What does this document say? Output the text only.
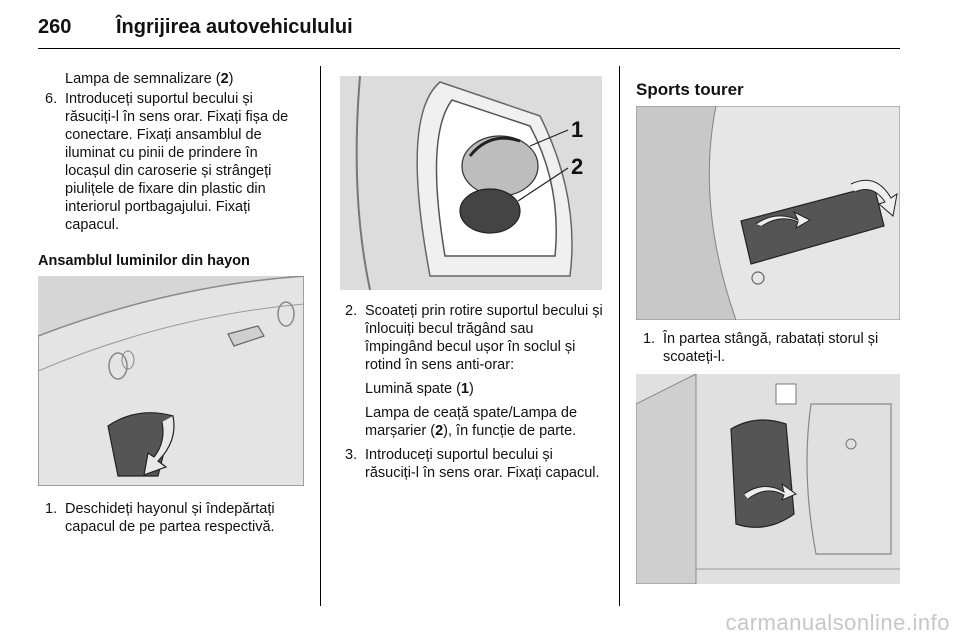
260 Îngrijirea autovehiculului

Lampa de semnalizare (2)

6. Introduceți suportul becului și răsuciți-l în sens orar. Fixați fișa de conectare. Fixați ansamblul de iluminat cu pinii de prindere în locașul din caroserie și strângeți piulițele de fixare din plastic din interiorul portbagajului. Fixați capacul.

Ansamblul luminilor din hayon

1. Deschideți hayonul și îndepărtați capacul de pe partea respectivă.

1
2

2. Scoateți prin rotire suportul becului și înlocuiți becul trăgând sau împingând becul ușor în soclul și rotind în sens anti-orar:

Lumină spate (1)

Lampa de ceață spate/Lampa de marșarier (2), în funcție de parte.

3. Introduceți suportul becului și răsuciți-l în sens orar. Fixați capacul.

Sports tourer

1. În partea stângă, rabatați storul și scoateți-l.

carmanualsonline.info
